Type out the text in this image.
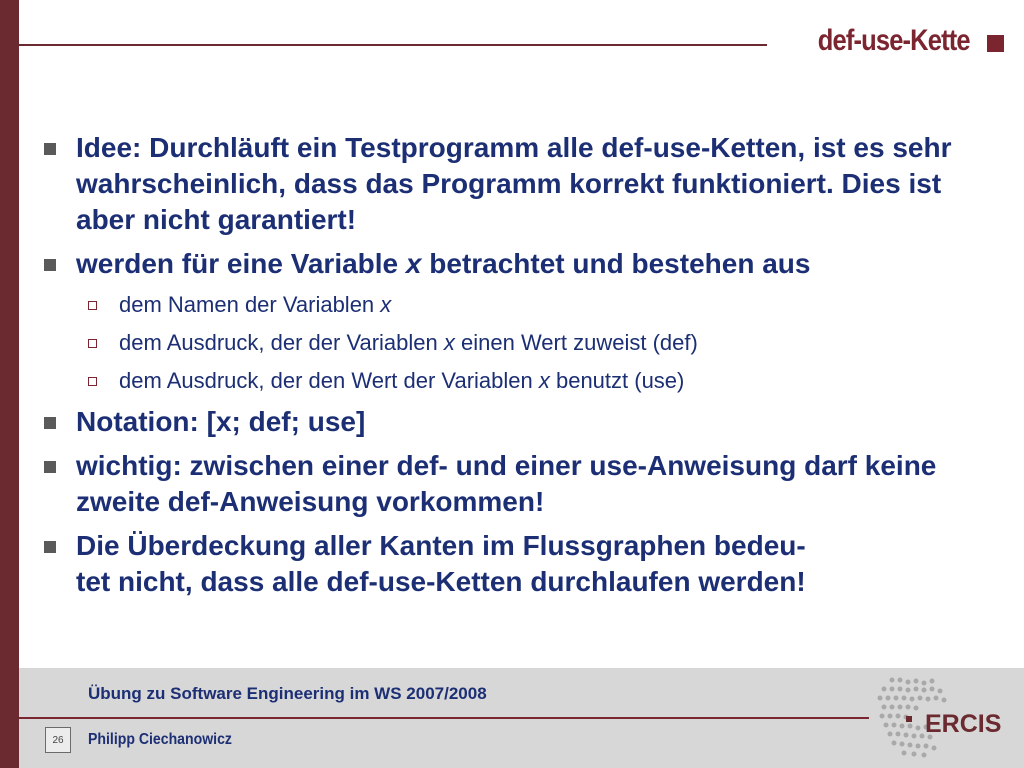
def-use-Kette
Idee: Durchläuft ein Testprogramm alle def-use-Ketten, ist es sehr wahrscheinlich, dass das Programm korrekt funktioniert. Dies ist aber nicht garantiert!
werden für eine Variable x betrachtet und bestehen aus
dem Namen der Variablen x
dem Ausdruck, der der Variablen x einen Wert zuweist (def)
dem Ausdruck, der den Wert der Variablen x benutzt (use)
Notation: [x; def; use]
wichtig: zwischen einer def- und einer use-Anweisung darf keine zweite def-Anweisung vorkommen!
Die Überdeckung aller Kanten im Flussgraphen bedeu-
tet nicht, dass alle def-use-Ketten durchlaufen werden!
Übung zu Software Engineering im WS 2007/2008
26	Philipp Ciechanowicz
ERCIS
